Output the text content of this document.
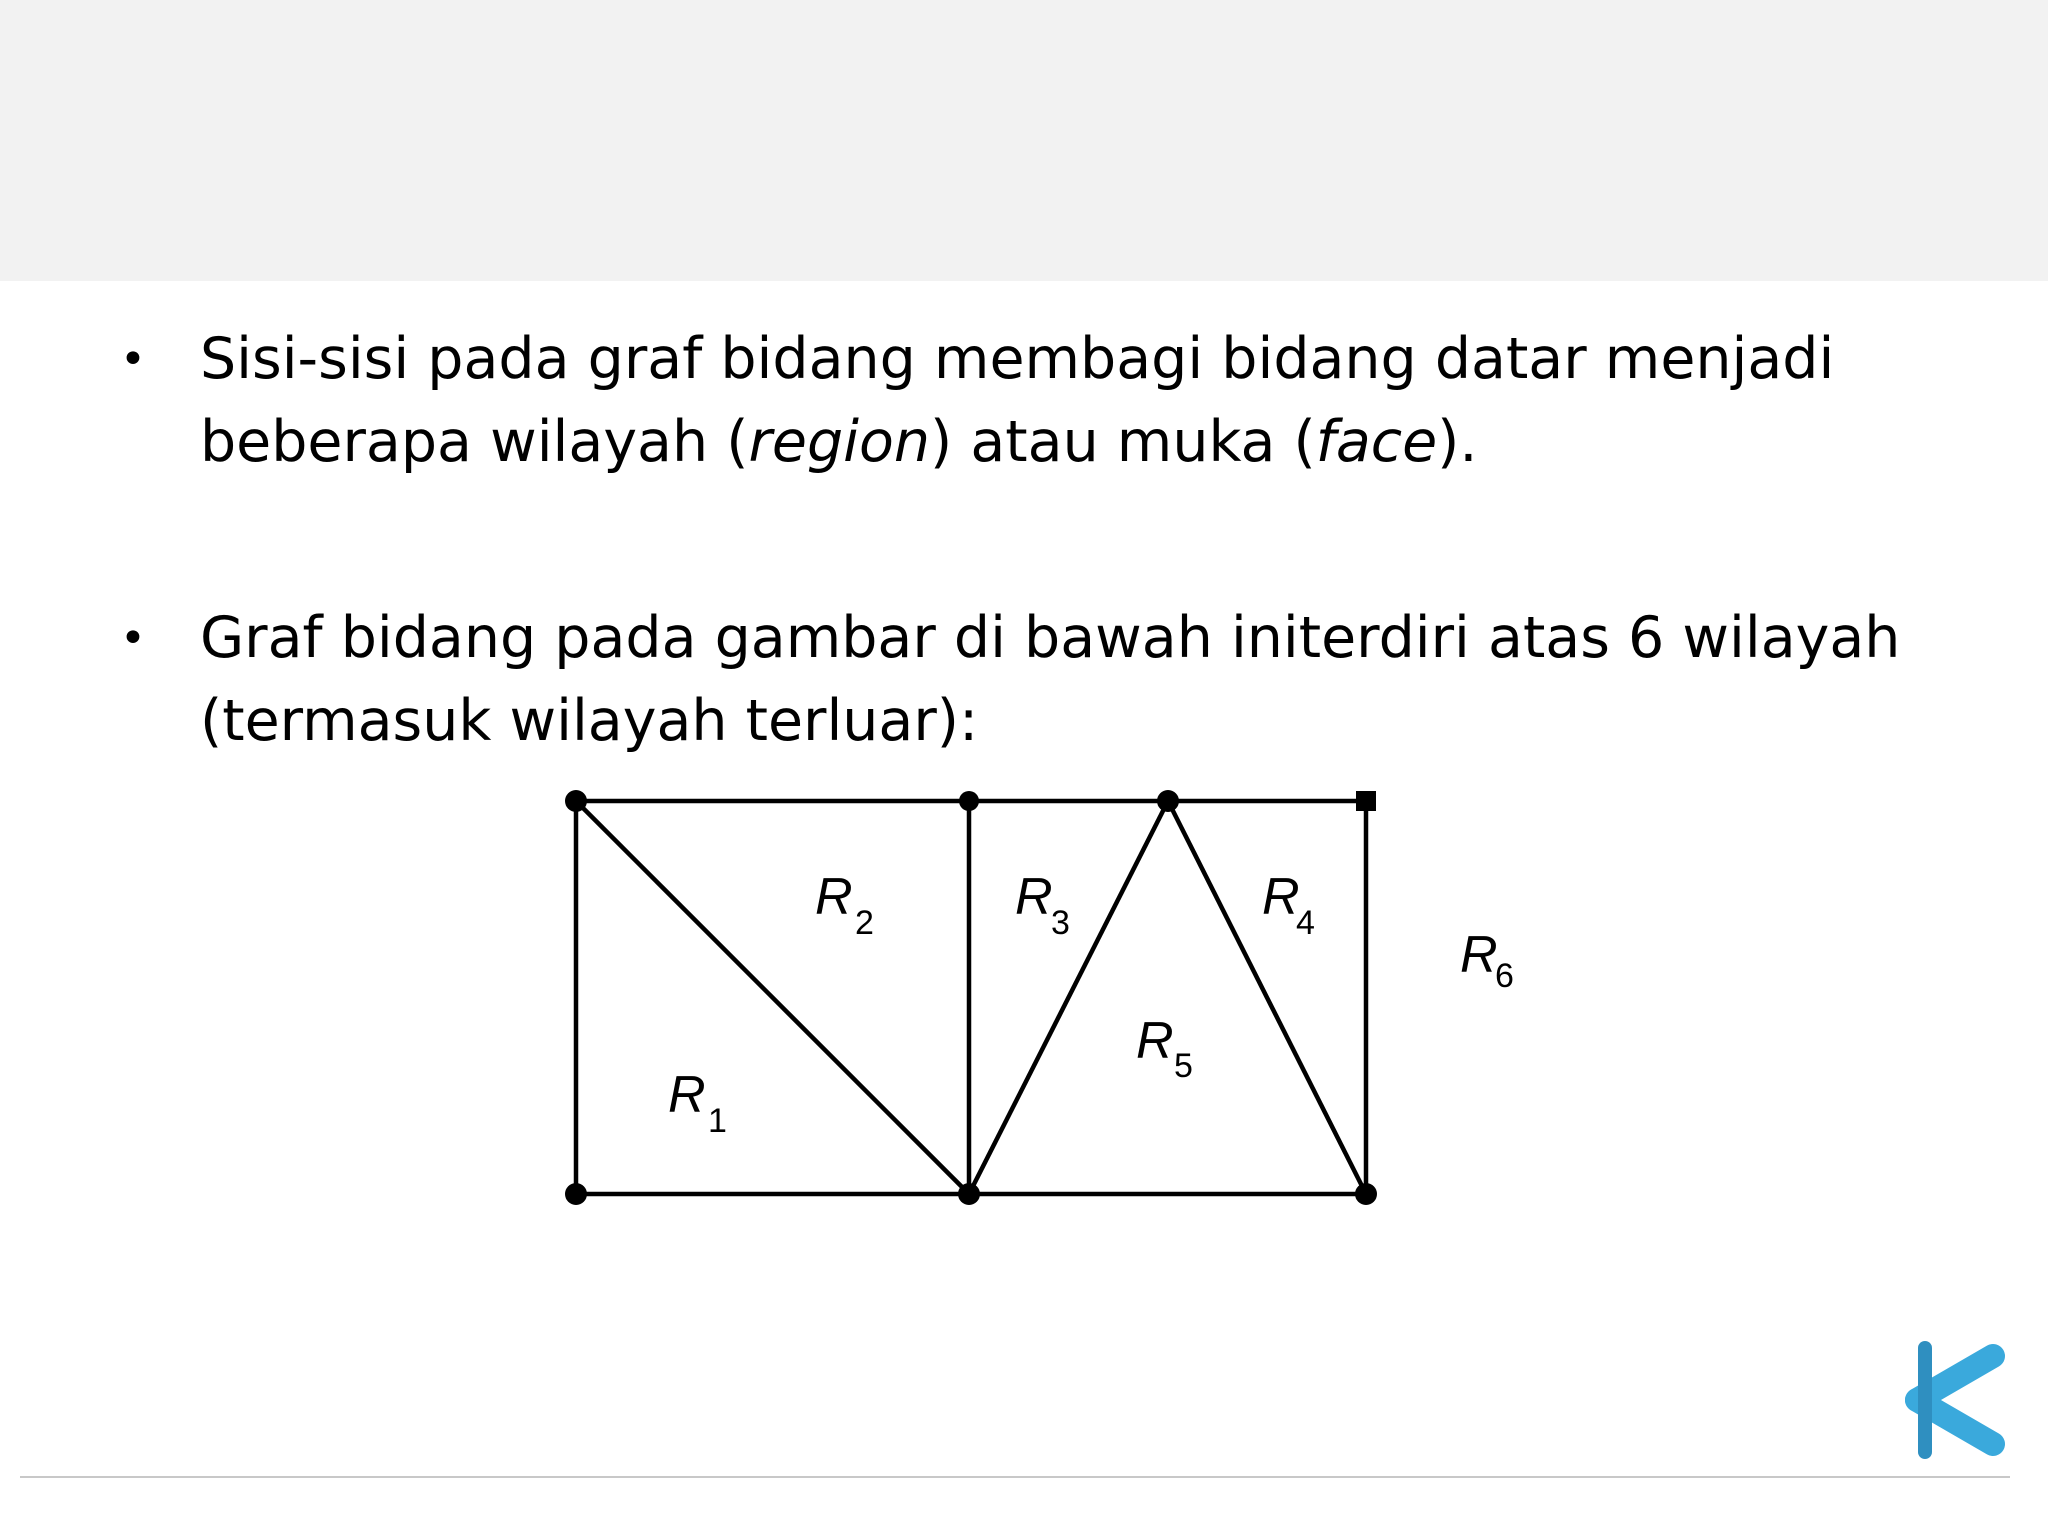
• Sisi-sisi pada graf bidang membagi bidang datar menjadi
beberapa wilayah (region) atau muka (face).
• Graf bidang pada gambar di bawah initerdiri atas 6 wilayah
(termasuk wilayah terluar):
R 1
R 2	R
3	R
4
R 5
R
6
